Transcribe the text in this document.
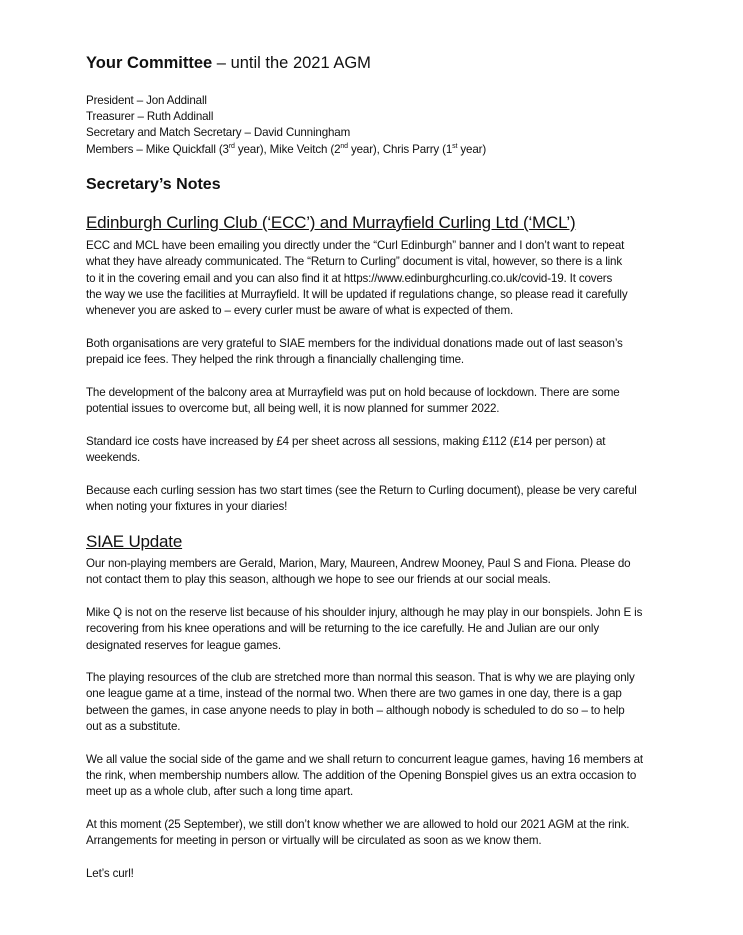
Your Committee – until the 2021 AGM
President – Jon Addinall
Treasurer – Ruth Addinall
Secretary and Match Secretary – David Cunningham
Members – Mike Quickfall (3rd year), Mike Veitch (2nd year), Chris Parry (1st year)
Secretary’s Notes
Edinburgh Curling Club (‘ECC’) and Murrayfield Curling Ltd (‘MCL’)
ECC and MCL have been emailing you directly under the “Curl Edinburgh” banner and I don’t want to repeat
what they have already communicated. The “Return to Curling” document is vital, however, so there is a link
to it in the covering email and you can also find it at https://www.edinburghcurling.co.uk/covid-19. It covers
the way we use the facilities at Murrayfield. It will be updated if regulations change, so please read it carefully
whenever you are asked to – every curler must be aware of what is expected of them.
Both organisations are very grateful to SIAE members for the individual donations made out of last season’s
prepaid ice fees. They helped the rink through a financially challenging time.
The development of the balcony area at Murrayfield was put on hold because of lockdown. There are some
potential issues to overcome but, all being well, it is now planned for summer 2022.
Standard ice costs have increased by £4 per sheet across all sessions, making £112 (£14 per person) at
weekends.
Because each curling session has two start times (see the Return to Curling document), please be very careful
when noting your fixtures in your diaries!
SIAE Update
Our non-playing members are Gerald, Marion, Mary, Maureen, Andrew Mooney, Paul S and Fiona. Please do
not contact them to play this season, although we hope to see our friends at our social meals.
Mike Q is not on the reserve list because of his shoulder injury, although he may play in our bonspiels. John E is
recovering from his knee operations and will be returning to the ice carefully. He and Julian are our only
designated reserves for league games.
The playing resources of the club are stretched more than normal this season. That is why we are playing only
one league game at a time, instead of the normal two. When there are two games in one day, there is a gap
between the games, in case anyone needs to play in both – although nobody is scheduled to do so – to help
out as a substitute.
We all value the social side of the game and we shall return to concurrent league games, having 16 members at
the rink, when membership numbers allow. The addition of the Opening Bonspiel gives us an extra occasion to
meet up as a whole club, after such a long time apart.
At this moment (25 September), we still don’t know whether we are allowed to hold our 2021 AGM at the rink.
Arrangements for meeting in person or virtually will be circulated as soon as we know them.
Let’s curl!
